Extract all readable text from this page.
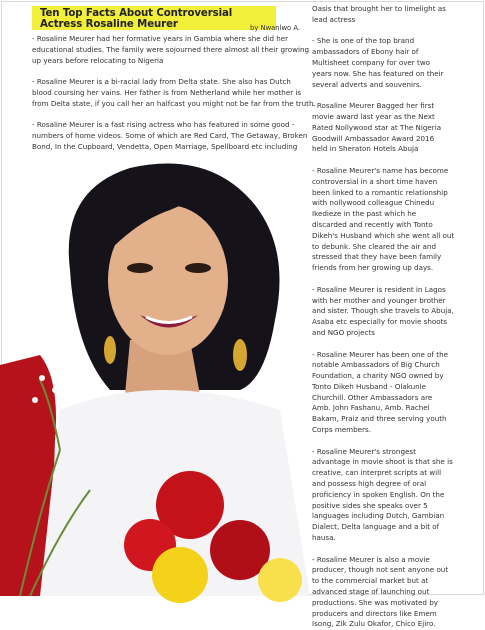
Ten Top Facts About Controversial
Actress Rosaline Meurer	by Nwanlwo A.
- Rosaline Meurer had her formative years in Gambia where she did her
educational studies. The family were sojourned there almost all their growing
up years before relocating to Nigeria
- Rosaline Meurer is a bi-racial lady from Delta state. She also has Dutch
blood coursing her vains. Her father is from Netherland while her mother is
from Delta state, if you call her an halfcast you might not be far from the truth.
- Rosaline Meurer is a fast rising actress who has featured in some good -
numbers of home videos. Some of which are Red Card, The Getaway, Broken
Bond, In the Cupboard, Vendetta, Open Marriage, Spellboard etc including
Oasis that brought her to limelight as
lead actress
- She is one of the top brand
ambassadors of Ebony hair of
Multisheet company for over two
years now. She has featured on their
several adverts and souvenirs.
- Rosaline Meurer Bagged her first
movie award last year as the Next
Rated Nollywood star at The Nigeria
Goodwill Ambassador Award 2016
held in Sheraton Hotels Abuja
- Rosaline Meurer's name has become
controversial in a short time haven
been linked to a romantic relationship
with nollywood colleague Chinedu
Ikedieze in the past which he
discarded and recently with Tonto
Dikeh's Husband which she went all out
to debunk. She cleared the air and
stressed that they have been family
friends from her growing up days.
- Rosaline Meurer is resident in Lagos
with her mother and younger brother
and sister. Though she travels to Abuja,
Asaba etc especially for movie shoots
and NGO projects
- Rosaline Meurer has been one of the
notable Ambassadors of Big Church
Foundation, a charity NGO owned by
Tonto Dikeh Husband - Olakunle
Churchill. Other Ambassadors are
Amb. John Fashanu, Amb. Rachel
Bakam, Praiz and three serving youth
Corps members.
- Rosaline Meurer's strongest
advantage in movie shoot is that she is
creative, can interpret scripts at will
and possess high degree of oral
proficiency in spoken English. On the
positive sides she speaks over 5
languages including Dutch, Gambian
Dialect, Delta language and a bit of
hausa.
- Rosaline Meurer is also a movie
producer, though not sent anyone out
to the commercial market but at
advanced stage of launching out
productions. She was motivated by
producers and directors like Emem
Isong, Zik Zulu Okafor, Chico Ejiro.
